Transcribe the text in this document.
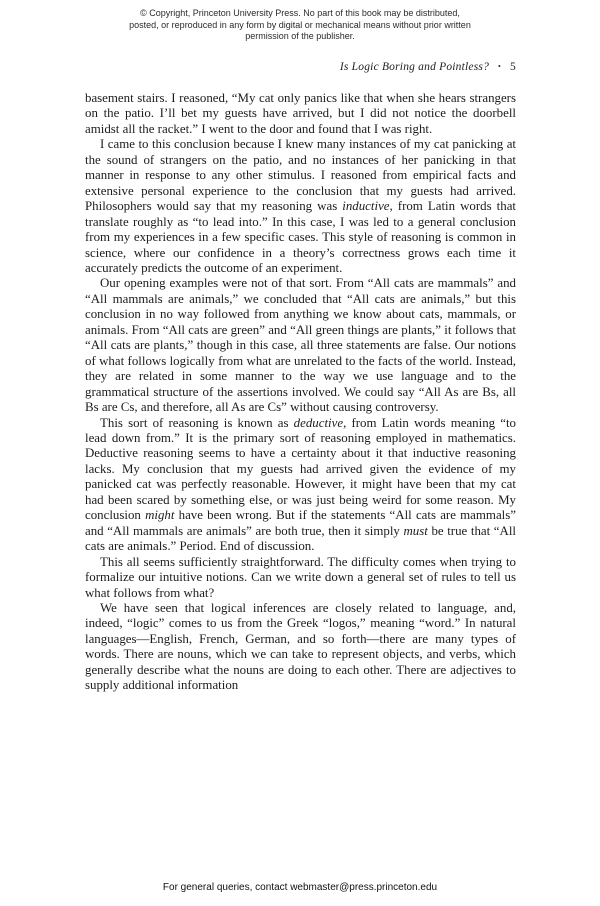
© Copyright, Princeton University Press. No part of this book may be distributed, posted, or reproduced in any form by digital or mechanical means without prior written permission of the publisher.
Is Logic Boring and Pointless? • 5

basement stairs. I reasoned, “My cat only panics like that when she hears strangers on the patio. I’ll bet my guests have arrived, but I did not notice the doorbell amidst all the racket.” I went to the door and found that I was right.

I came to this conclusion because I knew many instances of my cat panicking at the sound of strangers on the patio, and no instances of her panicking in that manner in response to any other stimulus. I reasoned from empirical facts and extensive personal experience to the conclusion that my guests had arrived. Philosophers would say that my reasoning was inductive, from Latin words that translate roughly as “to lead into.” In this case, I was led to a general conclusion from my experiences in a few specific cases. This style of reasoning is common in science, where our confidence in a theory’s correctness grows each time it accurately predicts the outcome of an experiment.

Our opening examples were not of that sort. From “All cats are mammals” and “All mammals are animals,” we concluded that “All cats are animals,” but this conclusion in no way followed from anything we know about cats, mammals, or animals. From “All cats are green” and “All green things are plants,” it follows that “All cats are plants,” though in this case, all three statements are false. Our notions of what follows logically from what are unrelated to the facts of the world. Instead, they are related in some manner to the way we use language and to the grammatical structure of the assertions involved. We could say “All As are Bs, all Bs are Cs, and therefore, all As are Cs” without causing controversy.

This sort of reasoning is known as deductive, from Latin words meaning “to lead down from.” It is the primary sort of reasoning employed in mathematics. Deductive reasoning seems to have a certainty about it that inductive reasoning lacks. My conclusion that my guests had arrived given the evidence of my panicked cat was perfectly reasonable. However, it might have been that my cat had been scared by something else, or was just being weird for some reason. My conclusion might have been wrong. But if the statements “All cats are mammals” and “All mammals are animals” are both true, then it simply must be true that “All cats are animals.” Period. End of discussion.

This all seems sufficiently straightforward. The difficulty comes when trying to formalize our intuitive notions. Can we write down a general set of rules to tell us what follows from what?

We have seen that logical inferences are closely related to language, and, indeed, “logic” comes to us from the Greek “logos,” meaning “word.” In natural languages—English, French, German, and so forth—there are many types of words. There are nouns, which we can take to represent objects, and verbs, which generally describe what the nouns are doing to each other. There are adjectives to supply additional information

For general queries, contact webmaster@press.princeton.edu
